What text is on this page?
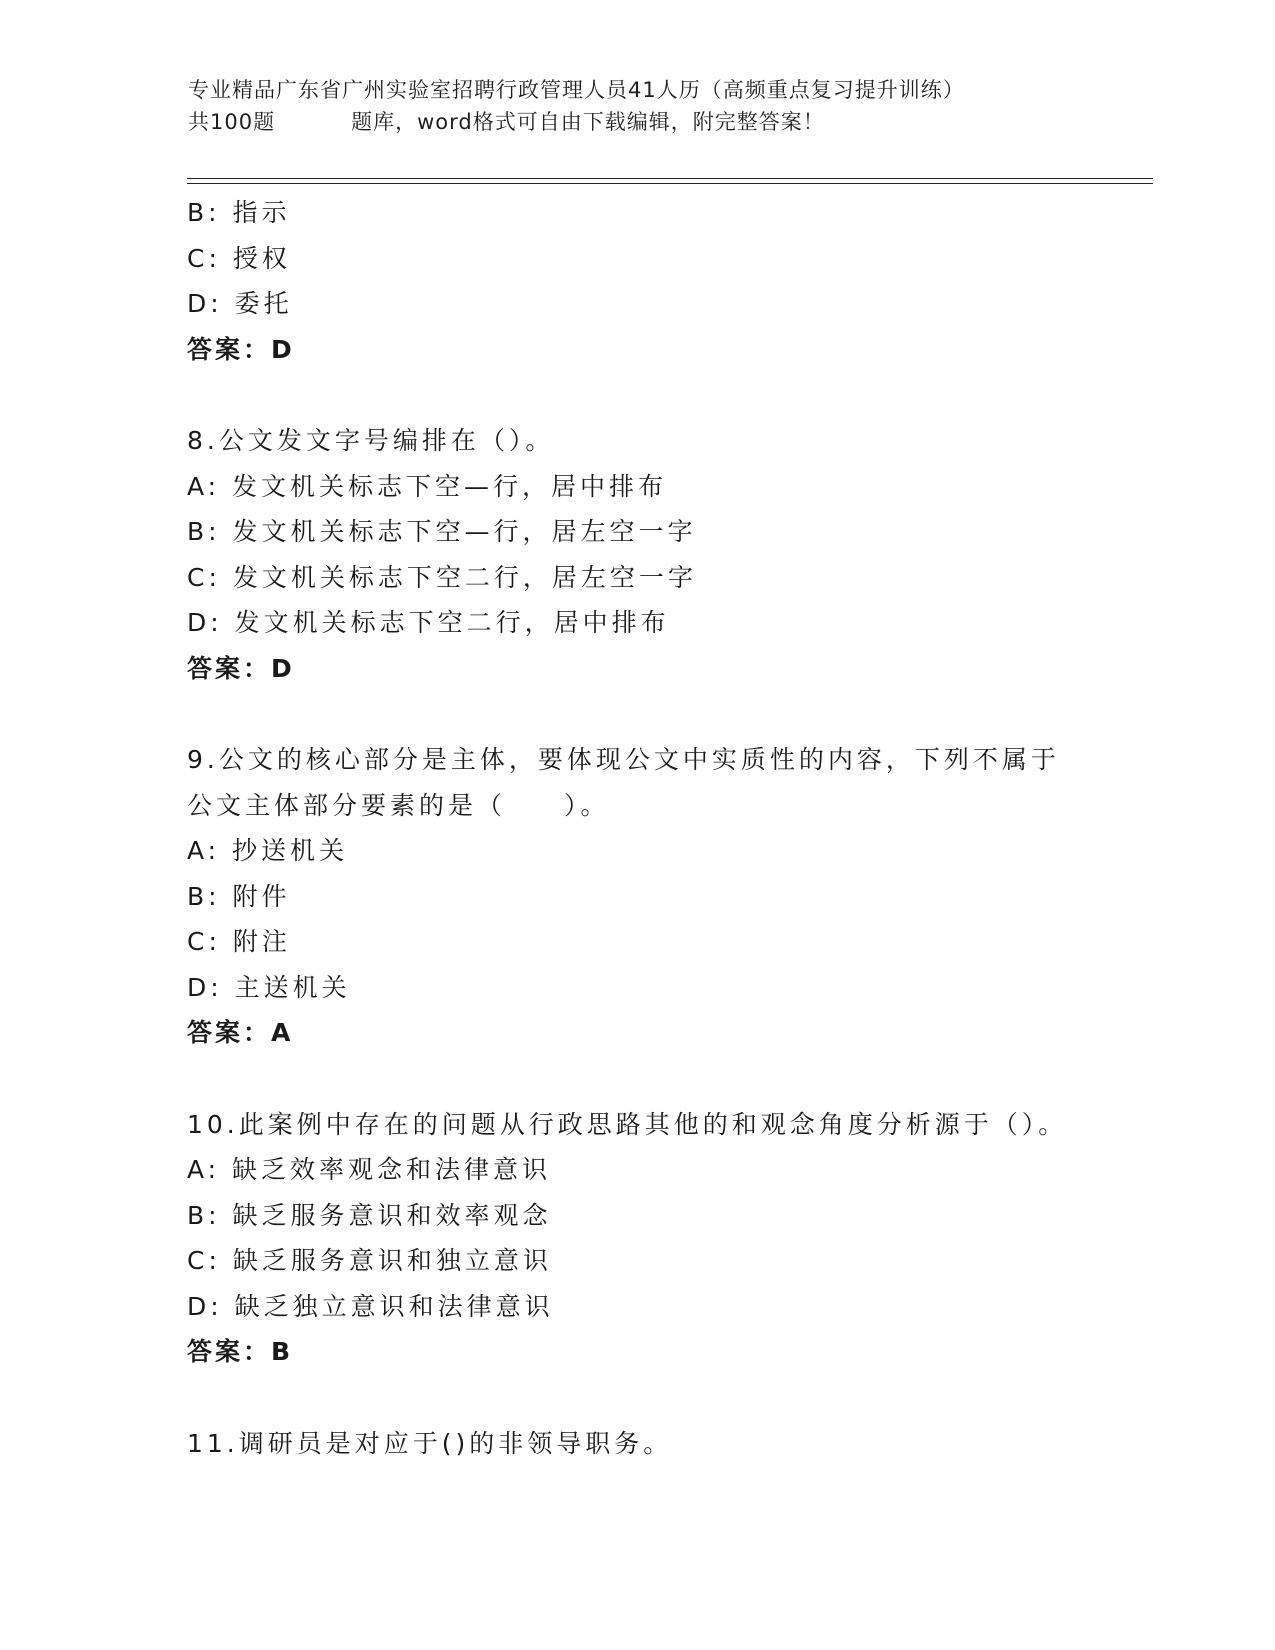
专业精品广东省广州实验室招聘行政管理人员41人历（高频重点复习提升训练）
共100题	题库，word格式可自由下载编辑，附完整答案！
B: 指示
C: 授权
D: 委托
答案：D
8.公文发文字号编排在（）。
A: 发文机关标志下空—行，居中排布
B: 发文机关标志下空—行，居左空一字
C: 发文机关标志下空二行，居左空一字
D: 发文机关标志下空二行，居中排布
答案：D
9.公文的核心部分是主体，要体现公文中实质性的内容，下列不属于
公文主体部分要素的是（　　）。
A: 抄送机关
B: 附件
C: 附注
D: 主送机关
答案：A
10.此案例中存在的问题从行政思路其他的和观念角度分析源于（）。
A: 缺乏效率观念和法律意识
B: 缺乏服务意识和效率观念
C: 缺乏服务意识和独立意识
D: 缺乏独立意识和法律意识
答案：B
11.调研员是对应于()的非领导职务。
